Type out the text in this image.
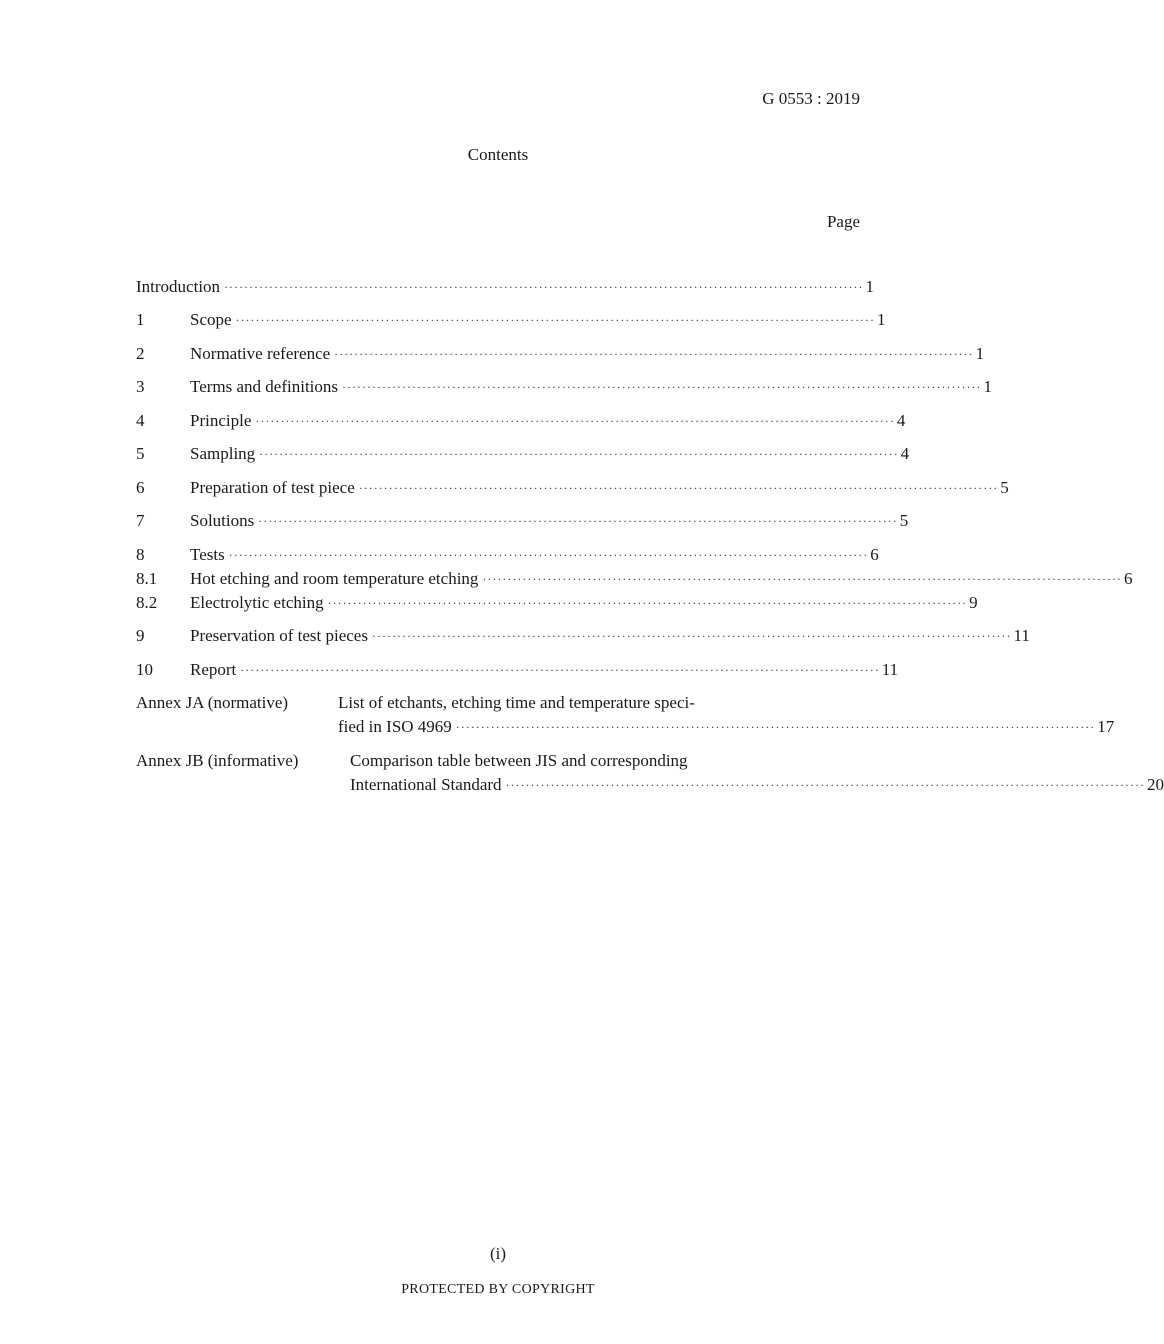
G 0553 : 2019
Contents
Page
Introduction ································································································································ 1
1	Scope ································································································································ 1
2	Normative reference ································································································································ 1
3	Terms and definitions ································································································································ 1
4	Principle ································································································································ 4
5	Sampling ································································································································ 4
6	Preparation of test piece ································································································································ 5
7	Solutions ································································································································ 5
8	Tests ································································································································ 6
8.1	Hot etching and room temperature etching ································································································································ 6
8.2	Electrolytic etching ································································································································ 9
9	Preservation of test pieces ································································································································ 11
10	Report ································································································································ 11
Annex JA (normative)	List of etchants, etching time and temperature speci-
fied in ISO 4969 ································································································································ 17
Annex JB (informative)	Comparison table between JIS and corresponding
International Standard ································································································································ 20
(i)
PROTECTED BY COPYRIGHT
